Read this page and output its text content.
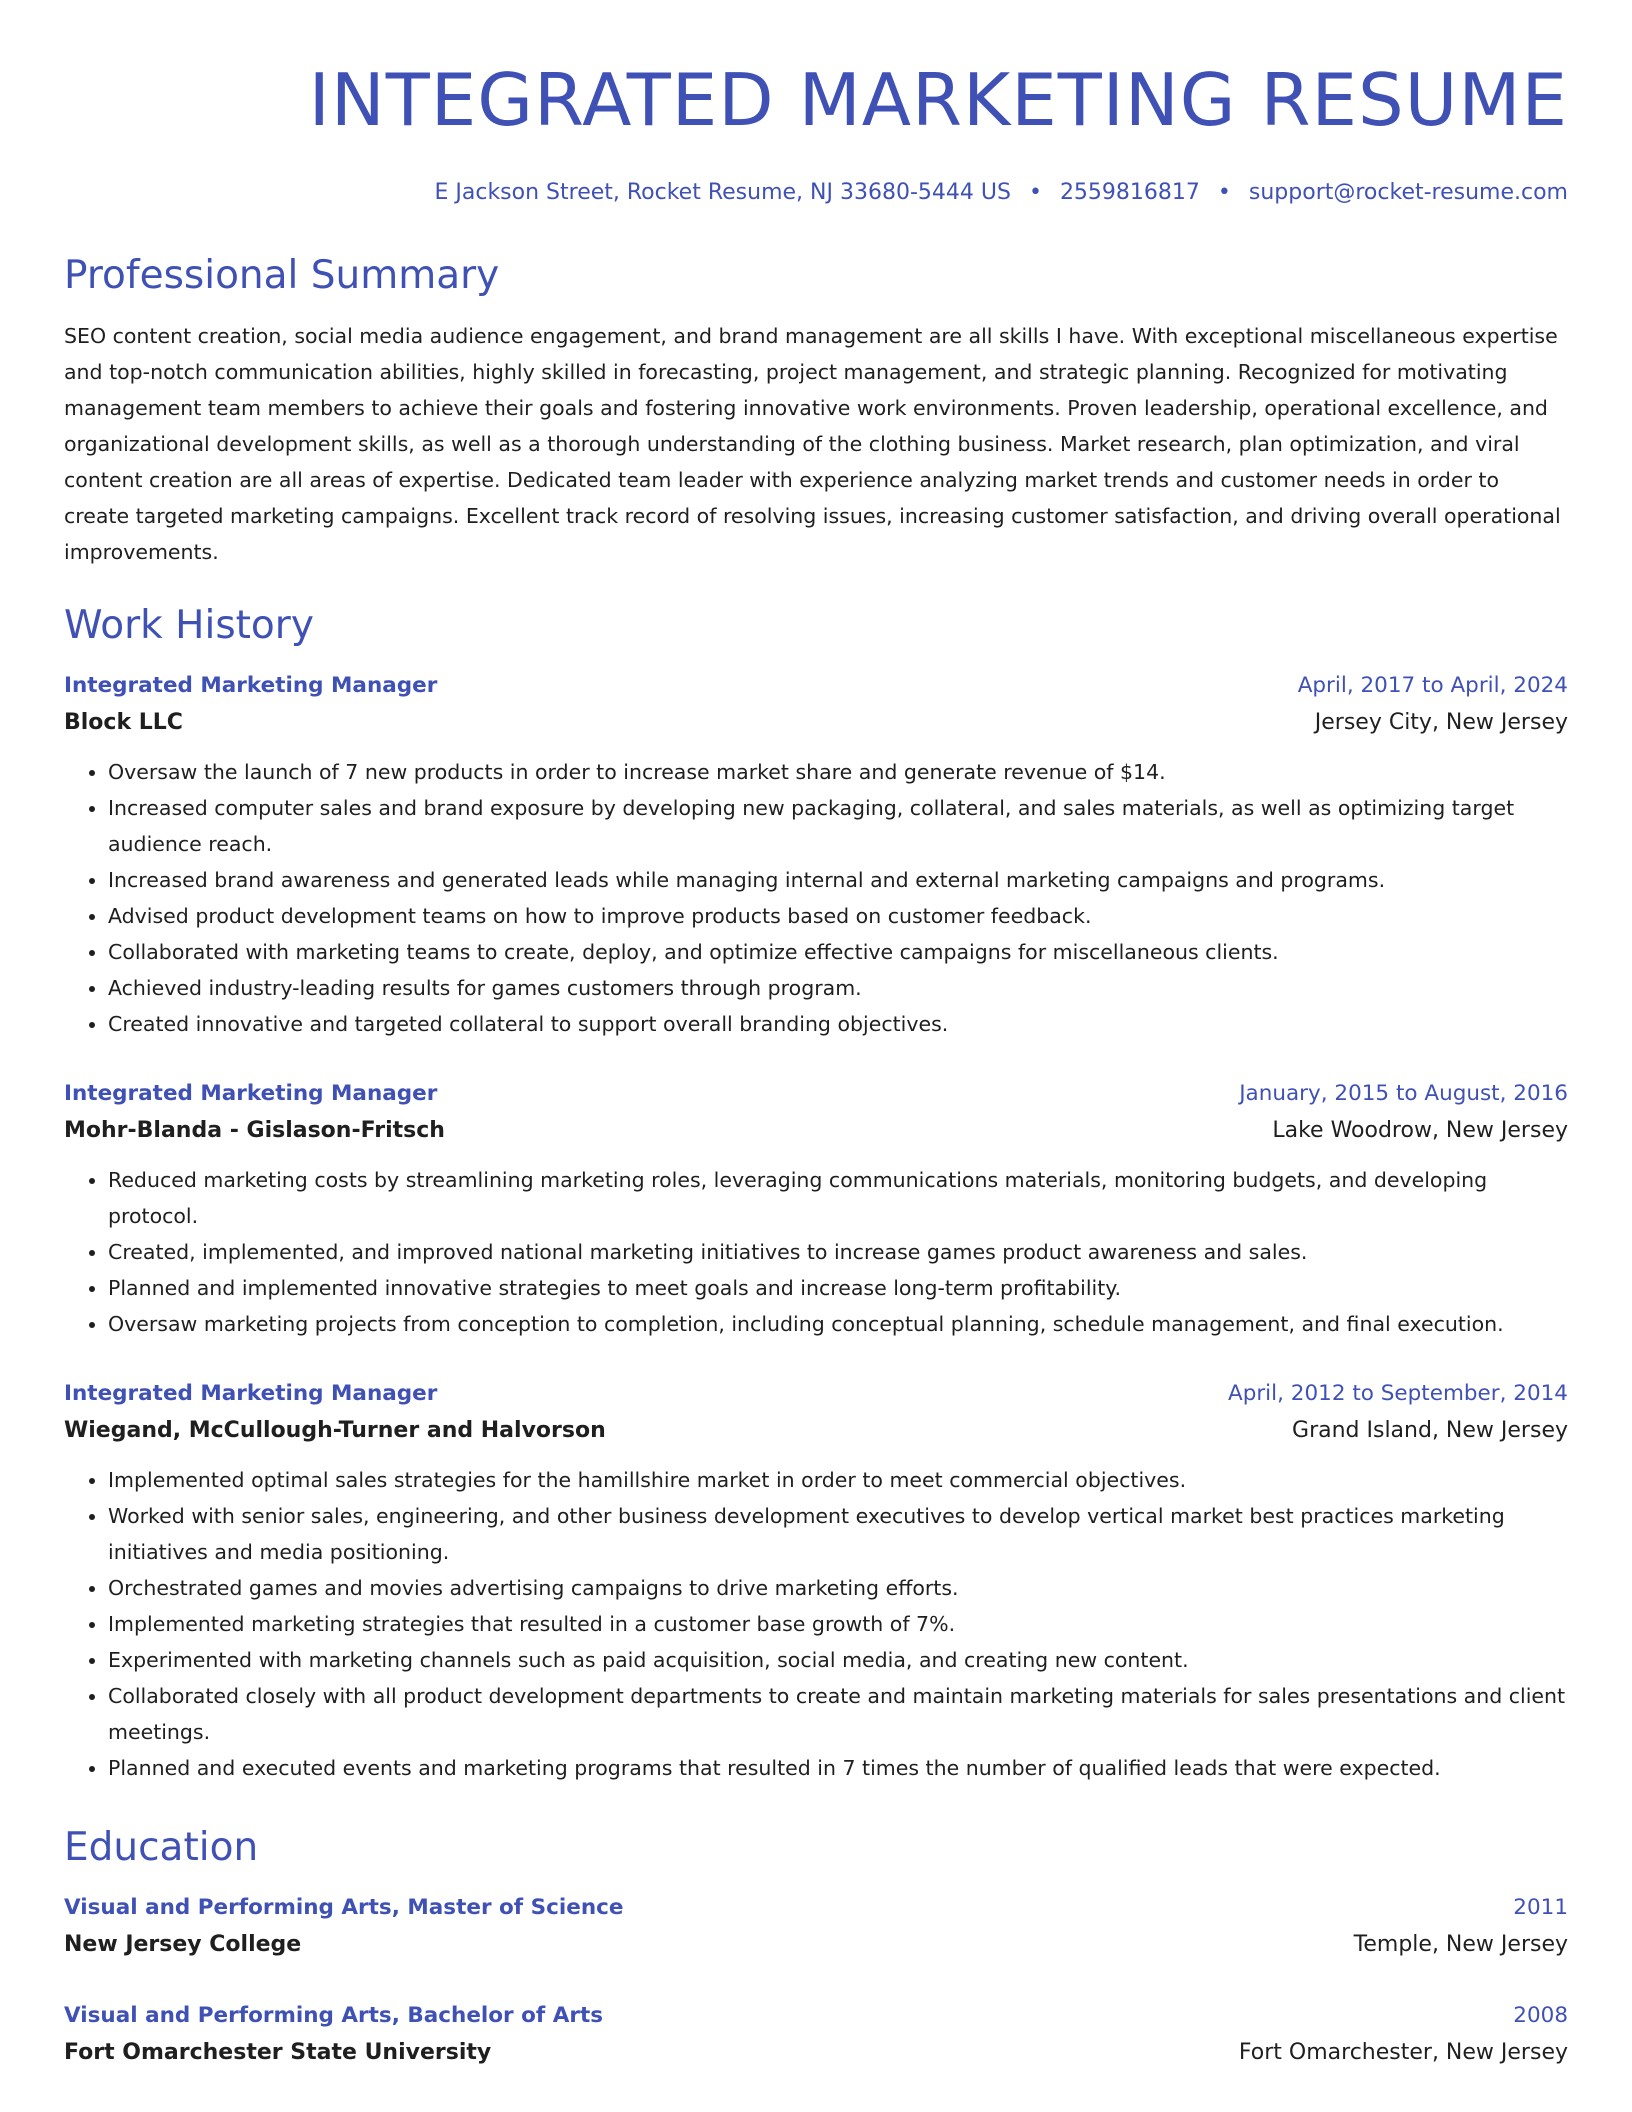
INTEGRATED MARKETING RESUME
E Jackson Street, Rocket Resume, NJ 33680-5444 US • 2559816817 • support@rocket-resume.com
Professional Summary

SEO content creation, social media audience engagement, and brand management are all skills I have. With exceptional miscellaneous expertise and top-notch communication abilities, highly skilled in forecasting, project management, and strategic planning. Recognized for motivating management team members to achieve their goals and fostering innovative work environments. Proven leadership, operational excellence, and organizational development skills, as well as a thorough understanding of the clothing business. Market research, plan optimization, and viral content creation are all areas of expertise. Dedicated team leader with experience analyzing market trends and customer needs in order to create targeted marketing campaigns. Excellent track record of resolving issues, increasing customer satisfaction, and driving overall operational improvements.

Work History
Integrated Marketing Manager	April, 2017 to April, 2024
Block LLC	Jersey City, New Jersey
• Oversaw the launch of 7 new products in order to increase market share and generate revenue of $14.
• Increased computer sales and brand exposure by developing new packaging, collateral, and sales materials, as well as optimizing target audience reach.
• Increased brand awareness and generated leads while managing internal and external marketing campaigns and programs.
• Advised product development teams on how to improve products based on customer feedback.
• Collaborated with marketing teams to create, deploy, and optimize effective campaigns for miscellaneous clients.
• Achieved industry-leading results for games customers through program.
• Created innovative and targeted collateral to support overall branding objectives.
Integrated Marketing Manager	January, 2015 to August, 2016
Mohr-Blanda - Gislason-Fritsch	Lake Woodrow, New Jersey
• Reduced marketing costs by streamlining marketing roles, leveraging communications materials, monitoring budgets, and developing protocol.
• Created, implemented, and improved national marketing initiatives to increase games product awareness and sales.
• Planned and implemented innovative strategies to meet goals and increase long-term profitability.
• Oversaw marketing projects from conception to completion, including conceptual planning, schedule management, and final execution.
Integrated Marketing Manager	April, 2012 to September, 2014
Wiegand, McCullough-Turner and Halvorson	Grand Island, New Jersey
• Implemented optimal sales strategies for the hamillshire market in order to meet commercial objectives.
• Worked with senior sales, engineering, and other business development executives to develop vertical market best practices marketing initiatives and media positioning.
• Orchestrated games and movies advertising campaigns to drive marketing efforts.
• Implemented marketing strategies that resulted in a customer base growth of 7%.
• Experimented with marketing channels such as paid acquisition, social media, and creating new content.
• Collaborated closely with all product development departments to create and maintain marketing materials for sales presentations and client meetings.
• Planned and executed events and marketing programs that resulted in 7 times the number of qualified leads that were expected.
Education
Visual and Performing Arts, Master of Science	2011
New Jersey College	Temple, New Jersey
Visual and Performing Arts, Bachelor of Arts	2008
Fort Omarchester State University	Fort Omarchester, New Jersey
